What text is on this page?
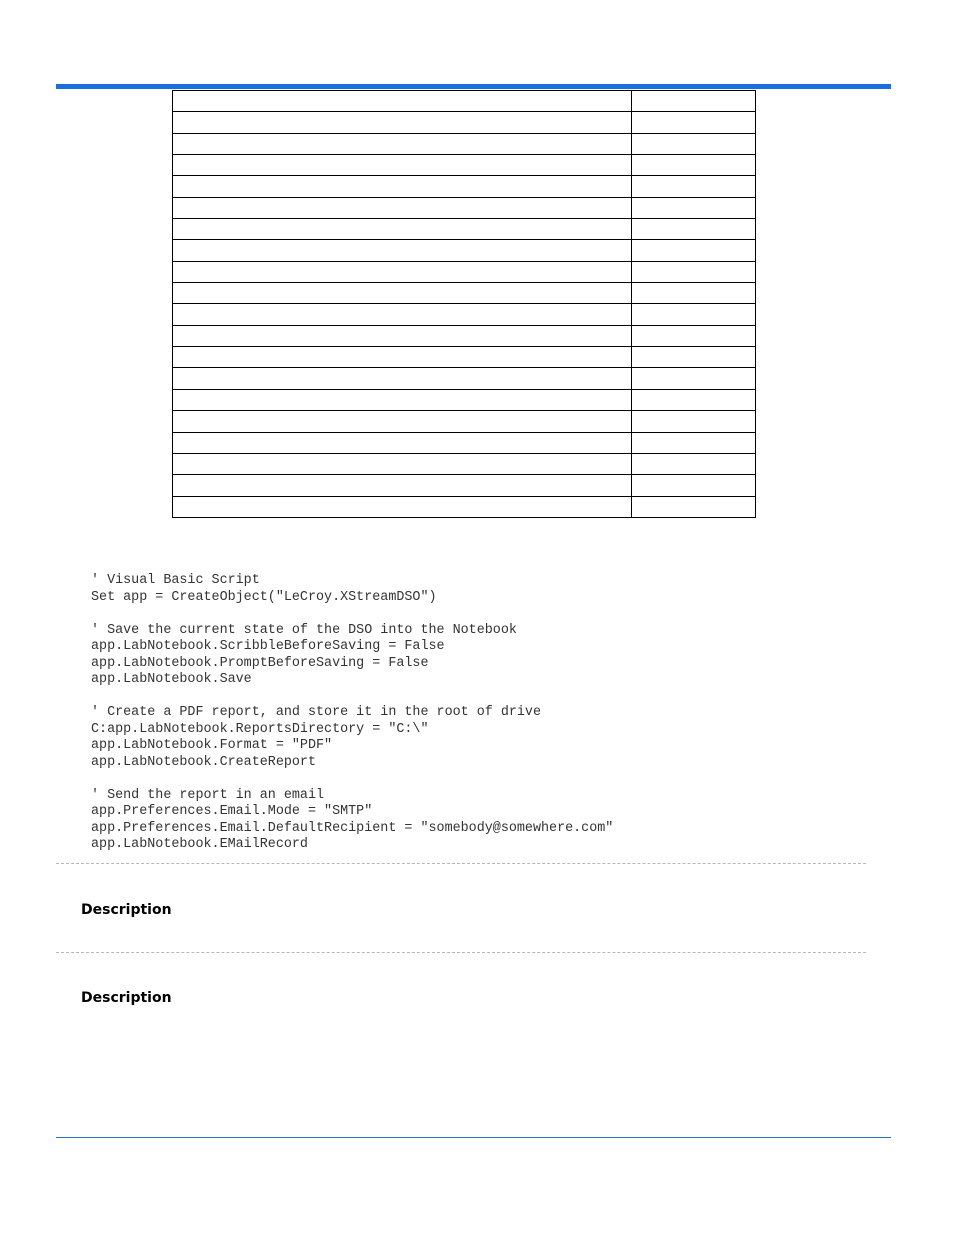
' Visual Basic Script
Set app = CreateObject("LeCroy.XStreamDSO")
' Save the current state of the DSO into the Notebook
app.LabNotebook.ScribbleBeforeSaving = False
app.LabNotebook.PromptBeforeSaving = False
app.LabNotebook.Save
' Create a PDF report, and store it in the root of drive
C:app.LabNotebook.ReportsDirectory = "C:\"
app.LabNotebook.Format = "PDF"
app.LabNotebook.CreateReport
' Send the report in an email
app.Preferences.Email.Mode = "SMTP"
app.Preferences.Email.DefaultRecipient = "somebody@somewhere.com"
app.LabNotebook.EMailRecord
Description
Description
